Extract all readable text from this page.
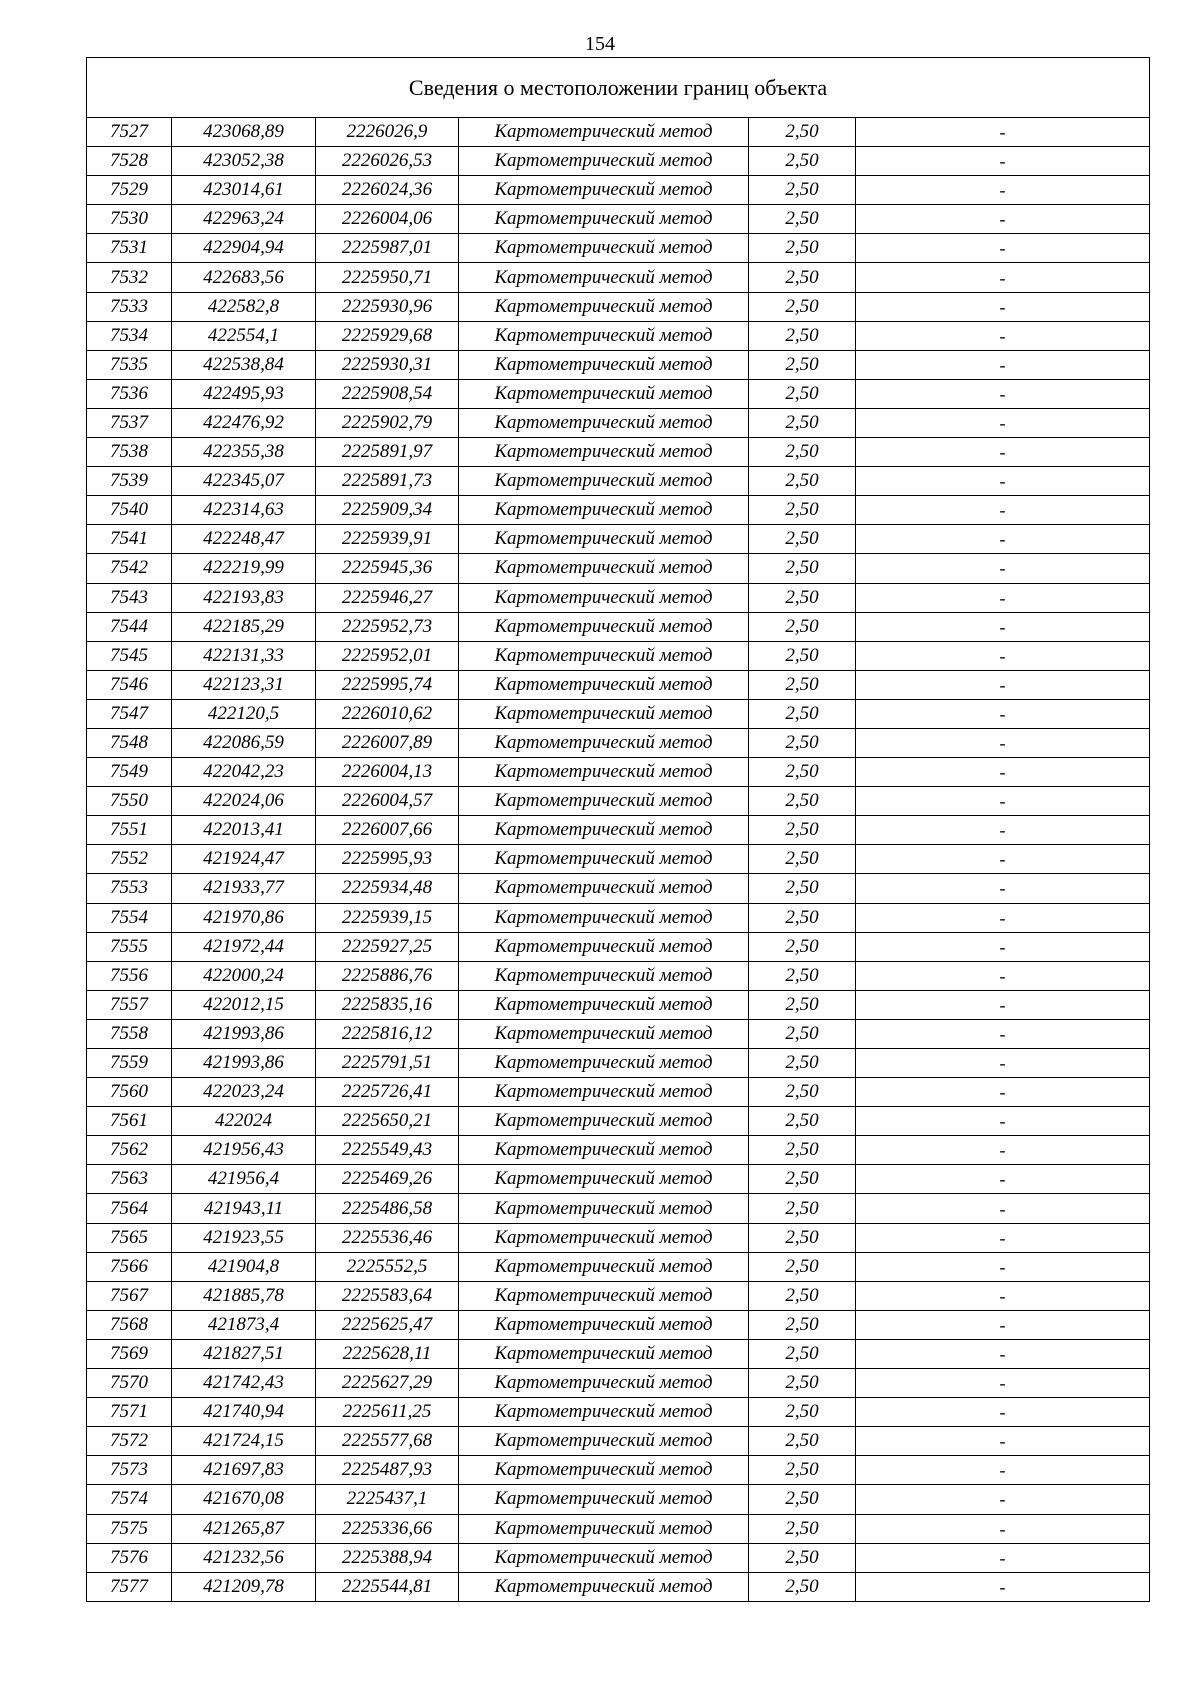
154
Сведения о местоположении границ объекта					
7527	423068,89	2226026,9	Картометрический метод	2,50	-
7528	423052,38	2226026,53	Картометрический метод	2,50	-
7529	423014,61	2226024,36	Картометрический метод	2,50	-
7530	422963,24	2226004,06	Картометрический метод	2,50	-
7531	422904,94	2225987,01	Картометрический метод	2,50	-
7532	422683,56	2225950,71	Картометрический метод	2,50	-
7533	422582,8	2225930,96	Картометрический метод	2,50	-
7534	422554,1	2225929,68	Картометрический метод	2,50	-
7535	422538,84	2225930,31	Картометрический метод	2,50	-
7536	422495,93	2225908,54	Картометрический метод	2,50	-
7537	422476,92	2225902,79	Картометрический метод	2,50	-
7538	422355,38	2225891,97	Картометрический метод	2,50	-
7539	422345,07	2225891,73	Картометрический метод	2,50	-
7540	422314,63	2225909,34	Картометрический метод	2,50	-
7541	422248,47	2225939,91	Картометрический метод	2,50	-
7542	422219,99	2225945,36	Картометрический метод	2,50	-
7543	422193,83	2225946,27	Картометрический метод	2,50	-
7544	422185,29	2225952,73	Картометрический метод	2,50	-
7545	422131,33	2225952,01	Картометрический метод	2,50	-
7546	422123,31	2225995,74	Картометрический метод	2,50	-
7547	422120,5	2226010,62	Картометрический метод	2,50	-
7548	422086,59	2226007,89	Картометрический метод	2,50	-
7549	422042,23	2226004,13	Картометрический метод	2,50	-
7550	422024,06	2226004,57	Картометрический метод	2,50	-
7551	422013,41	2226007,66	Картометрический метод	2,50	-
7552	421924,47	2225995,93	Картометрический метод	2,50	-
7553	421933,77	2225934,48	Картометрический метод	2,50	-
7554	421970,86	2225939,15	Картометрический метод	2,50	-
7555	421972,44	2225927,25	Картометрический метод	2,50	-
7556	422000,24	2225886,76	Картометрический метод	2,50	-
7557	422012,15	2225835,16	Картометрический метод	2,50	-
7558	421993,86	2225816,12	Картометрический метод	2,50	-
7559	421993,86	2225791,51	Картометрический метод	2,50	-
7560	422023,24	2225726,41	Картометрический метод	2,50	-
7561	422024	2225650,21	Картометрический метод	2,50	-
7562	421956,43	2225549,43	Картометрический метод	2,50	-
7563	421956,4	2225469,26	Картометрический метод	2,50	-
7564	421943,11	2225486,58	Картометрический метод	2,50	-
7565	421923,55	2225536,46	Картометрический метод	2,50	-
7566	421904,8	2225552,5	Картометрический метод	2,50	-
7567	421885,78	2225583,64	Картометрический метод	2,50	-
7568	421873,4	2225625,47	Картометрический метод	2,50	-
7569	421827,51	2225628,11	Картометрический метод	2,50	-
7570	421742,43	2225627,29	Картометрический метод	2,50	-
7571	421740,94	2225611,25	Картометрический метод	2,50	-
7572	421724,15	2225577,68	Картометрический метод	2,50	-
7573	421697,83	2225487,93	Картометрический метод	2,50	-
7574	421670,08	2225437,1	Картометрический метод	2,50	-
7575	421265,87	2225336,66	Картометрический метод	2,50	-
7576	421232,56	2225388,94	Картометрический метод	2,50	-
7577	421209,78	2225544,81	Картометрический метод	2,50	-
